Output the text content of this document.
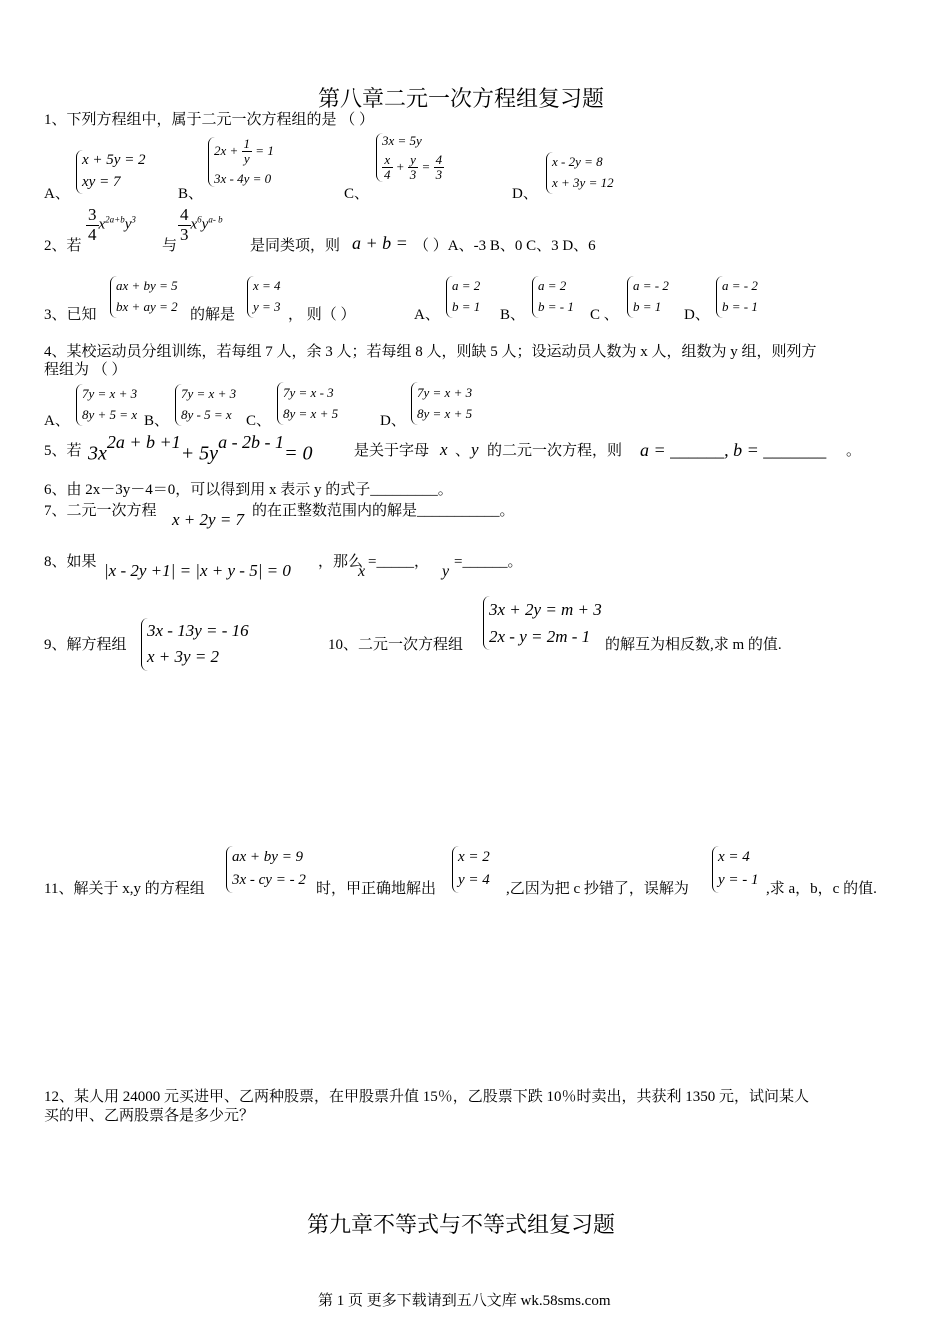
第八章二元一次方程组复习题
1、下列方程组中，属于二元一次方程组的是 （ ）
A、
x + 5y = 2
xy = 7
B、
$2x + \frac{1}{y} = 1$
3x - 4y = 0
C、
3x = 5y
$\frac{x}{4} + \frac{y}{3} = \frac{4}{3}$
D、
x - 2y = 8
x + 3y = 12
2、若
$\frac{3}{4} x^{2a+b}y^3$
与
$\frac{4}{3} x^6y^{a- b}$
是同类项，则 a + b = （ ）A、-3 B、0 C、3 D、6
3、已知
ax + by = 5
bx + ay = 2
的解是
x = 4
y = 3
， 则（ ）	A、
a = 2
b = 1
B、
a = 2
b = - 1
C 、
a = - 2
b = 1
D、
a = - 2
b = - 1
4、某校运动员分组训练，若每组 7 人，余 3 人；若每组 8 人，则缺 5 人；设运动员人数为 x 人，组数为 y 组，则列方
程组为 （ ）
A、
7y = x + 3
8y + 5 = x B、
7y = x + 3
8y - 5 = x C、
7y = x - 3
8y = x + 5	D、
7y = x + 3
8y = x + 5
5、若 $3x^{2a + b +1}+ 5y^{a - 2b - 1}= 0$	是关于字母 x 、 y 的二元一次方程，则 a = ______, b = _______ 。
6、由 2x－3y－4＝0，可以得到用 x 表示 y 的式子_________。
7、二元一次方程 x + 2y = 7 的在正整数范围内的解是___________。
8、如果 |x - 2y +1| = |x + y - 5| = 0 ，那么
x
=_____，
y
=______。
9、解方程组
3x - 13y = - 16
x + 3y = 2
10、二元一次方程组
3x + 2y = m + 3
2x - y = 2m - 1 的解互为相反数,求 m 的值.
11、解关于 x,y 的方程组
ax + by = 9
3x - cy = - 2
时，甲正确地解出
x = 2
y = 4
,乙因为把 c 抄错了，误解为
x = 4
y = - 1
,求 a，b，c 的值.
12、某人用 24000 元买进甲、乙两种股票，在甲股票升值 15％，乙股票下跌 10％时卖出，共获利 1350 元，试问某人
买的甲、乙两股票各是多少元？
第九章不等式与不等式组复习题
第 1 页 更多下载请到五八文库 wk.58sms.com
